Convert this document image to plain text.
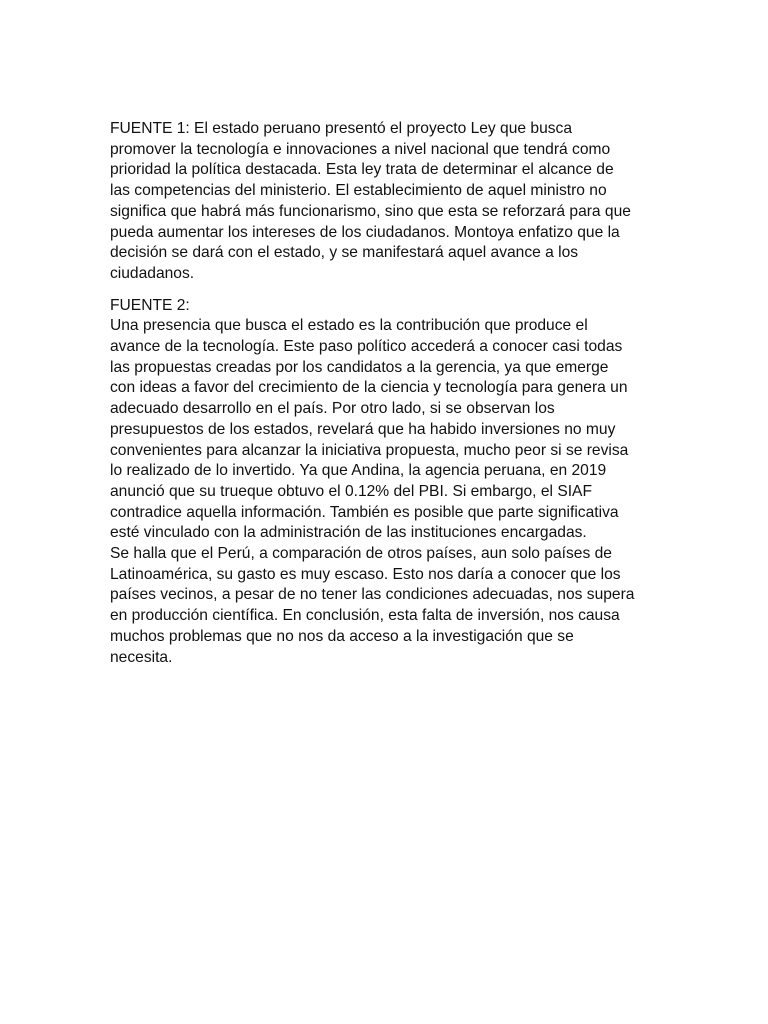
FUENTE 1: El estado peruano presentó el proyecto Ley que busca
promover la tecnología e innovaciones a nivel nacional que tendrá como
prioridad la política destacada. Esta ley trata de determinar el alcance de
las competencias del ministerio. El establecimiento de aquel ministro no
significa que habrá más funcionarismo, sino que esta se reforzará para que
pueda aumentar los intereses de los ciudadanos. Montoya enfatizo que la
decisión se dará con el estado, y se manifestará aquel avance a los
ciudadanos.

FUENTE 2:

Una presencia que busca el estado es la contribución que produce el
avance de la tecnología. Este paso político accederá a conocer casi todas
las propuestas creadas por los candidatos a la gerencia, ya que emerge
con ideas a favor del crecimiento de la ciencia y tecnología para genera un
adecuado desarrollo en el país. Por otro lado, si se observan los
presupuestos de los estados, revelará que ha habido inversiones no muy
convenientes para alcanzar la iniciativa propuesta, mucho peor si se revisa
lo realizado de lo invertido. Ya que Andina, la agencia peruana, en 2019
anunció que su trueque obtuvo el 0.12% del PBI. Si embargo, el SIAF
contradice aquella información. También es posible que parte significativa
esté vinculado con la administración de las instituciones encargadas.

Se halla que el Perú, a comparación de otros países, aun solo países de
Latinoamérica, su gasto es muy escaso. Esto nos daría a conocer que los
países vecinos, a pesar de no tener las condiciones adecuadas, nos supera
en producción científica. En conclusión, esta falta de inversión, nos causa
muchos problemas que no nos da acceso a la investigación que se
necesita.
